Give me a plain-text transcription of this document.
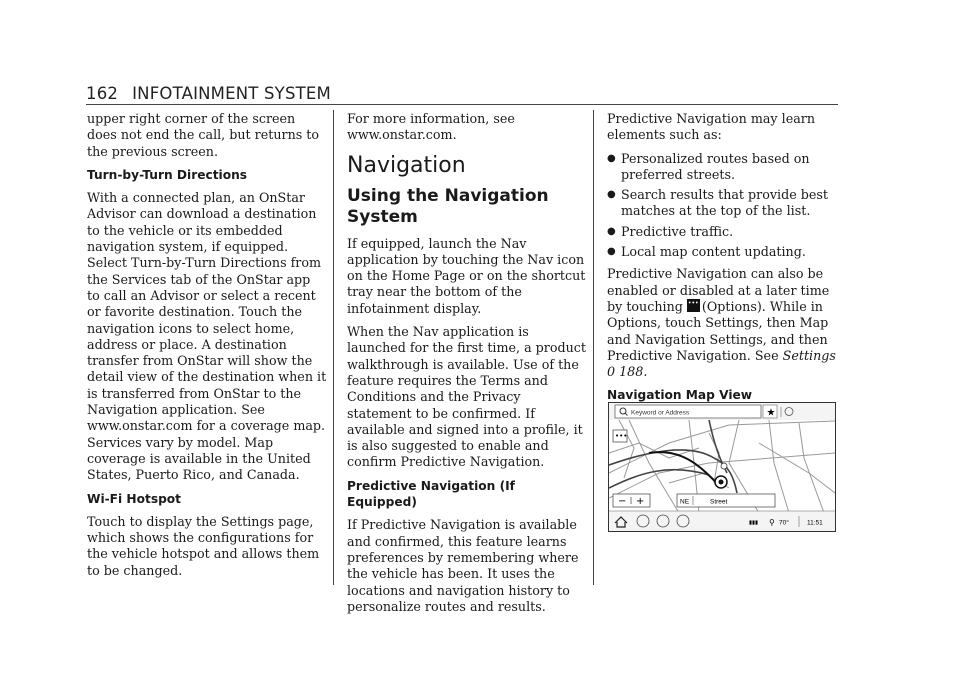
162 INFOTAINMENT SYSTEM

upper right corner of the screen does not end the call, but returns to the previous screen.

Turn-by-Turn Directions

With a connected plan, an OnStar Advisor can download a destination to the vehicle or its embedded navigation system, if equipped. Select Turn-by-Turn Directions from the Services tab of the OnStar app to call an Advisor or select a recent or favorite destination. Touch the navigation icons to select home, address or place. A destination transfer from OnStar will show the detail view of the destination when it is transferred from OnStar to the Navigation application. See www.onstar.com for a coverage map. Services vary by model. Map coverage is available in the United States, Puerto Rico, and Canada.

Wi-Fi Hotspot

Touch to display the Settings page, which shows the configurations for the vehicle hotspot and allows them to be changed.

For more information, see www.onstar.com.

Navigation
Using the Navigation System

If equipped, launch the Nav application by touching the Nav icon on the Home Page or on the shortcut tray near the bottom of the infotainment display.

When the Nav application is launched for the first time, a product walkthrough is available. Use of the feature requires the Terms and Conditions and the Privacy statement to be confirmed. If available and signed into a profile, it is also suggested to enable and confirm Predictive Navigation.

Predictive Navigation (If Equipped)

If Predictive Navigation is available and confirmed, this feature learns preferences by remembering where the vehicle has been. It uses the locations and navigation history to personalize routes and results.

Predictive Navigation may learn elements such as:

● Personalized routes based on preferred streets.
● Search results that provide best matches at the top of the list.
● Predictive traffic.
● Local map content updating.

Predictive Navigation can also be enabled or disabled at a later time by touching ••• (Options). While in Options, touch Settings, then Map and Navigation Settings, and then Predictive Navigation. See Settings
0 188.

Navigation Map View
Keyword or Address	★
•••
− +	NE	Street
▮▮▮ ⚲ 70°	11:51
